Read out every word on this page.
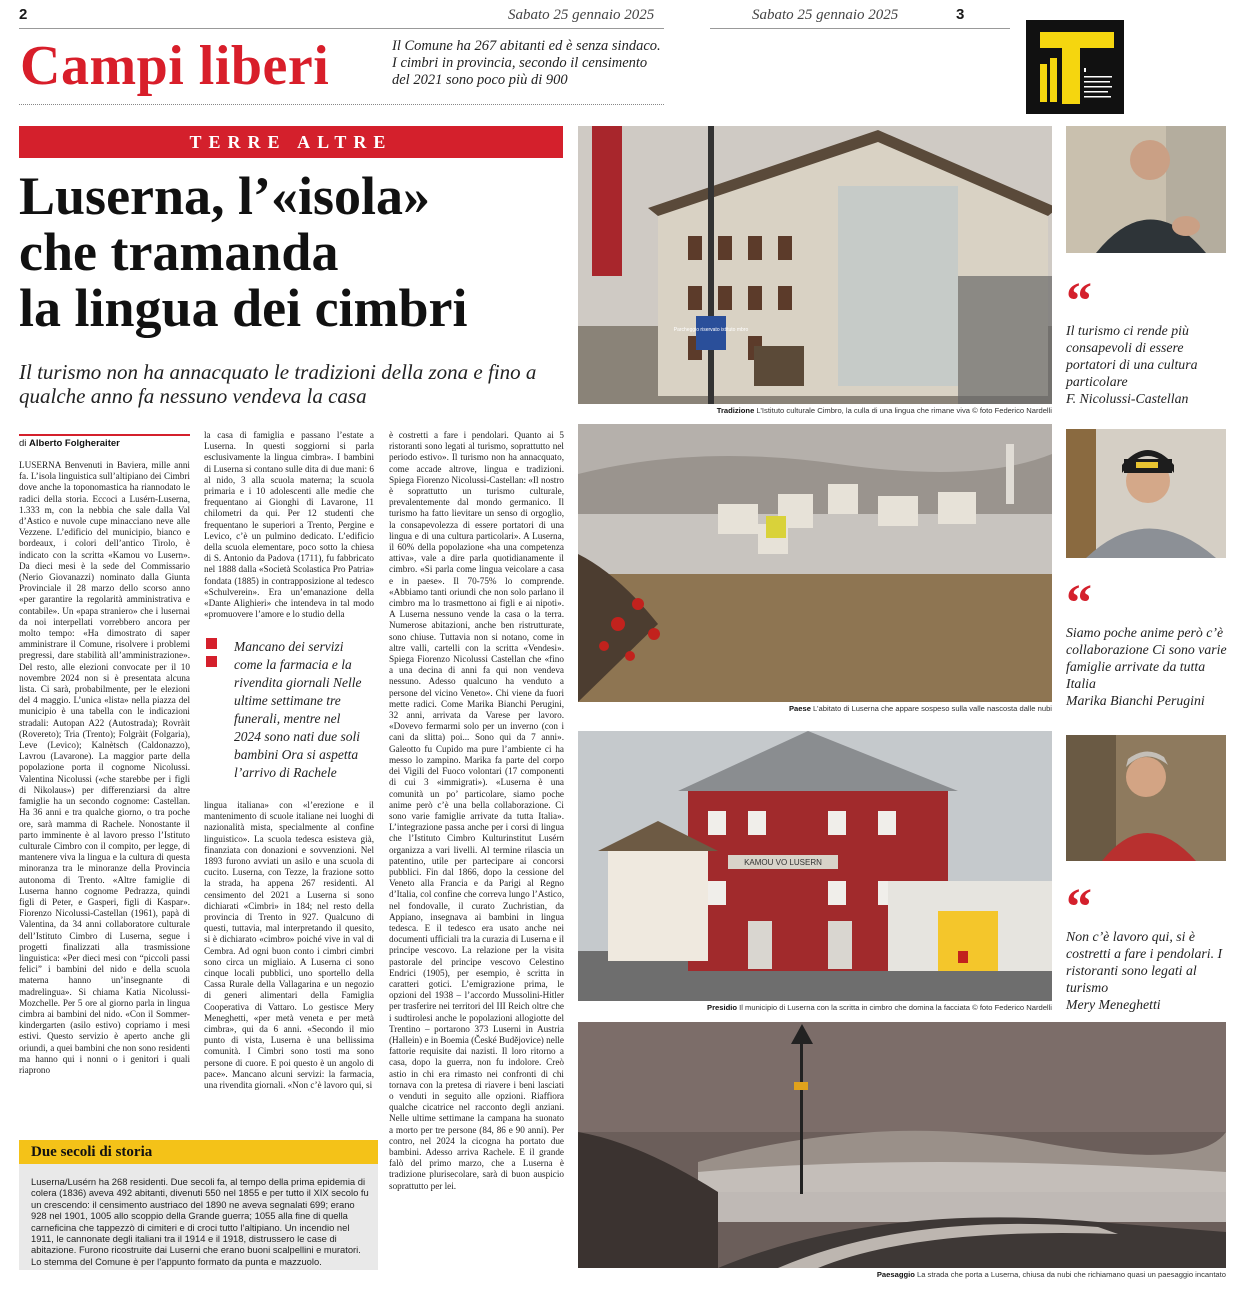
2	Sabato 25 gennaio 2025
Campi liberi	Il Comune ha 267 abitanti ed è senza sindaco. I cimbri in provincia, secondo il censimento del 2021 sono poco più di 900
Sabato 25 gennaio 2025	3
TERRE ALTRE
Luserna, l’«isola»
che tramanda
la lingua dei cimbri
Il turismo non ha annacquato le tradizioni della zona e fino a qualche anno fa nessuno vendeva la casa
di Alberto Folgheraiter

LUSERNA Benvenuti in Baviera, mille anni fa. L’isola linguistica sull’altipiano dei Cimbri dove anche la toponomastica ha riannodato le radici della storia. Eccoci a Lusérn-Luserna, 1.333 m, con la nebbia che sale dalla Val d’Astico e nuvole cupe minacciano neve alle Vezzene. L’edificio del municipio, bianco e bordeaux, i colori dell’antico Tirolo, è indicato con la scritta «Kamou vo Lusern». Da dieci mesi è la sede del Commissario (Nerio Giovanazzi) nominato dalla Giunta Provinciale il 28 marzo dello scorso anno «per garantire la regolarità amministrativa e contabile». Un «papa straniero» che i lusernai da noi interpellati vorrebbero ancora per molto tempo: «Ha dimostrato di saper amministrare il Comune, risolvere i problemi pregressi, dare stabilità all’amministrazione». Del resto, alle elezioni convocate per il 10 novembre 2024 non si è presentata alcuna lista. Ci sarà, probabilmente, per le elezioni del 4 maggio. L’unica «lista» nella piazza del municipio è una tabella con le indicazioni stradali: Autopan A22 (Autostrada); Rovràit (Rovereto); Tria (Trento); Folgràit (Folgaria), Leve (Levico); Kalnètsch (Caldonazzo), Lavrou (Lavarone). La maggior parte della popolazione porta il cognome Nicolussi. Valentina Nicolussi («che starebbe per i figli di Nikolaus») per differenziarsi da altre famiglie ha un secondo cognome: Castellan. Ha 36 anni e tra qualche giorno, o tra poche ore, sarà mamma di Rachele. Nonostante il parto imminente è al lavoro presso l’Istituto culturale Cimbro con il compito, per legge, di mantenere viva la lingua e la cultura di questa minoranza tra le minoranze della Provincia autonoma di Trento. «Altre famiglie di Luserna hanno cognome Pedrazza, quindi figli di Peter, e Gasperi, figli di Kaspar». Fiorenzo Nicolussi-Castellan (1961), papà di Valentina, da 34 anni collaboratore culturale dell’Istituto Cimbro di Luserna, segue i progetti finalizzati alla trasmissione linguistica: «Per dieci mesi con “piccoli passi felici” i bambini del nido e della scuola materna hanno un’insegnante di madrelingua». Si chiama Katia Nicolussi-Mozchelle. Per 5 ore al giorno parla in lingua cimbra ai bambini del nido. «Con il Sommer-kindergarten (asilo estivo) copriamo i mesi estivi. Questo servizio è aperto anche gli oriundi, a quei bambini che non sono residenti ma hanno qui i nonni o i genitori i quali riaprono

la casa di famiglia e passano l’estate a Luserna. In questi soggiorni si parla esclusivamente la lingua cimbra». I bambini di Luserna si contano sulle dita di due mani: 6 al nido, 3 alla scuola materna; la scuola primaria e i 10 adolescenti alle medie che frequentano ai Gionghi di Lavarone, 11 chilometri da qui. Per 12 studenti che frequentano le superiori a Trento, Pergine e Levico, c’è un pulmino dedicato. L’edificio della scuola elementare, poco sotto la chiesa di S. Antonio da Padova (1711), fu fabbricato nel 1888 dalla «Società Scolastica Pro Patria» fondata (1885) in contrapposizione al tedesco «Schulverein». Era un’emanazione della «Dante Alighieri» che intendeva in tal modo «promuovere l’amore e lo studio della

Mancano dei servizi come la farmacia e la rivendita giornali Nelle ultime settimane tre funerali, mentre nel 2024 sono nati due soli bambini Ora si aspetta l’arrivo di Rachele

lingua italiana» con «l’erezione e il mantenimento di scuole italiane nei luoghi di nazionalità mista, specialmente al confine linguistico». La scuola tedesca esisteva già, finanziata con donazioni e sovvenzioni. Nel 1893 furono avviati un asilo e una scuola di cucito. Luserna, con Tezze, la frazione sotto la strada, ha appena 267 residenti. Al censimento del 2021 a Luserna si sono dichiarati «Cimbri» in 184; nel resto della provincia di Trento in 927. Qualcuno di questi, tuttavia, mal interpretando il quesito, si è dichiarato «cimbro» poiché vive in val di Cembra. Ad ogni buon conto i cimbri cimbri sono circa un migliaio. A Luserna ci sono cinque locali pubblici, uno sportello della Cassa Rurale della Vallagarina e un negozio di generi alimentari della Famiglia Cooperativa di Vattaro. Lo gestisce Mery Meneghetti, «per metà veneta e per metà cimbra», qui da 6 anni. «Secondo il mio punto di vista, Luserna è una bellissima comunità. I Cimbri sono tosti ma sono persone di cuore. E poi questo è un angolo di pace». Mancano alcuni servizi: la farmacia, una rivendita giornali. «Non c’è lavoro qui, si

è costretti a fare i pendolari. Quanto ai 5 ristoranti sono legati al turismo, soprattutto nel periodo estivo». Il turismo non ha annacquato, come accade altrove, lingua e tradizioni. Spiega Fiorenzo Nicolussi-Castellan: «Il nostro è soprattutto un turismo culturale, prevalentemente dal mondo germanico. Il turismo ha fatto lievitare un senso di orgoglio, la consapevolezza di essere portatori di una lingua e di una cultura particolari». A Luserna, il 60% della popolazione «ha una competenza attiva», vale a dire parla quotidianamente il cimbro. «Si parla come lingua veicolare a casa e in paese». Il 70-75% lo comprende. «Abbiamo tanti oriundi che non solo parlano il cimbro ma lo trasmettono ai figli e ai nipoti». A Luserna nessuno vende la casa o la terra. Numerose abitazioni, anche ben ristrutturate, sono chiuse. Tuttavia non si notano, come in altre valli, cartelli con la scritta «Vendesi». Spiega Fiorenzo Nicolussi Castellan che «fino a una decina di anni fa qui non vendeva nessuno. Adesso qualcuno ha venduto a persone del vicino Veneto». Chi viene da fuori mette radici. Come Marika Bianchi Perugini, 32 anni, arrivata da Varese per lavoro. «Dovevo fermarmi solo per un inverno (con i cani da slitta) poi... Sono qui da 7 anni». Galeotto fu Cupido ma pure l’ambiente ci ha messo lo zampino. Marika fa parte del corpo dei Vigili del Fuoco volontari (17 componenti di cui 3 «immigrati»). «Luserna è una comunità un po’ particolare, siamo poche anime però c’è una bella collaborazione. Ci sono varie famiglie arrivate da tutta Italia». L’integrazione passa anche per i corsi di lingua che l’Istituto Cimbro Kulturinstitut Lusérn organizza a vari livelli. Al termine rilascia un patentino, utile per partecipare ai concorsi pubblici. Fin dal 1866, dopo la cessione del Veneto alla Francia e da Parigi al Regno d’Italia, col confine che correva lungo l’Astico, nel fondovalle, il curato Zuchristian, da Appiano, insegnava ai bambini in lingua tedesca. E il tedesco era usato anche nei documenti ufficiali tra la curazia di Luserna e il principe vescovo. La relazione per la visita pastorale del principe vescovo Celestino Endrici (1905), per esempio, è scritta in caratteri gotici. L’emigrazione prima, le opzioni del 1938 – l’accordo Mussolini-Hitler per trasferire nei territori del III Reich oltre che i sudtirolesi anche le popolazioni allogiotte del Trentino – portarono 373 Luserni in Austria (Hallein) e in Boemia (České Budějovice) nelle fattorie requisite dai nazisti. Il loro ritorno a casa, dopo la guerra, non fu indolore. Creò astio in chi era rimasto nei confronti di chi tornava con la pretesa di riavere i beni lasciati o venduti in seguito alle opzioni. Riaffiora qualche cicatrice nel racconto degli anziani. Nelle ultime settimane la campana ha suonato a morto per tre persone (84, 86 e 90 anni). Per contro, nel 2024 la cicogna ha portato due bambini. Adesso arriva Rachele. E il grande falò del primo marzo, che a Luserna è tradizione plurisecolare, sarà di buon auspicio soprattutto per lei.

Due secoli di storia
Luserna/Lusérn ha 268 residenti. Due secoli fa, al tempo della prima epidemia di colera (1836) aveva 492 abitanti, divenuti 550 nel 1855 e per tutto il XIX secolo fu un crescendo: il censimento austriaco del 1890 ne aveva segnalati 699; erano 928 nel 1901, 1005 allo scoppio della Grande guerra; 1055 alla fine di quella carneficina che tappezzò di cimiteri e di croci tutto l’altipiano. Un incendio nel 1911, le cannonate degli italiani tra il 1914 e il 1918, distrussero le case di abitazione. Furono ricostruite dai Luserni che erano buoni scalpellini e muratori. Lo stemma del Comune è per l’appunto formato da punta e mazzuolo.
Parcheggio riservato istituto mbro
Tradizione L’Istituto culturale Cimbro, la culla di una lingua che rimane viva © foto Federico Nardelli
Paese L’abitato di Luserna che appare sospeso sulla valle nascosta dalle nubi
KAMOU VO LUSERN
Presidio Il municipio di Luserna con la scritta in cimbro che domina la facciata © foto Federico Nardelli
Paesaggio La strada che porta a Luserna, chiusa da nubi che richiamano quasi un paesaggio incantato
“
Il turismo ci rende più consapevoli di essere portatori di una cultura particolare
F. Nicolussi-Castellan
“
Siamo poche anime però c’è collaborazione Ci sono varie famiglie arrivate da tutta Italia
Marika Bianchi Perugini
“
Non c’è lavoro qui, si è costretti a fare i pendolari. I ristoranti sono legati al turismo
Mery Meneghetti
